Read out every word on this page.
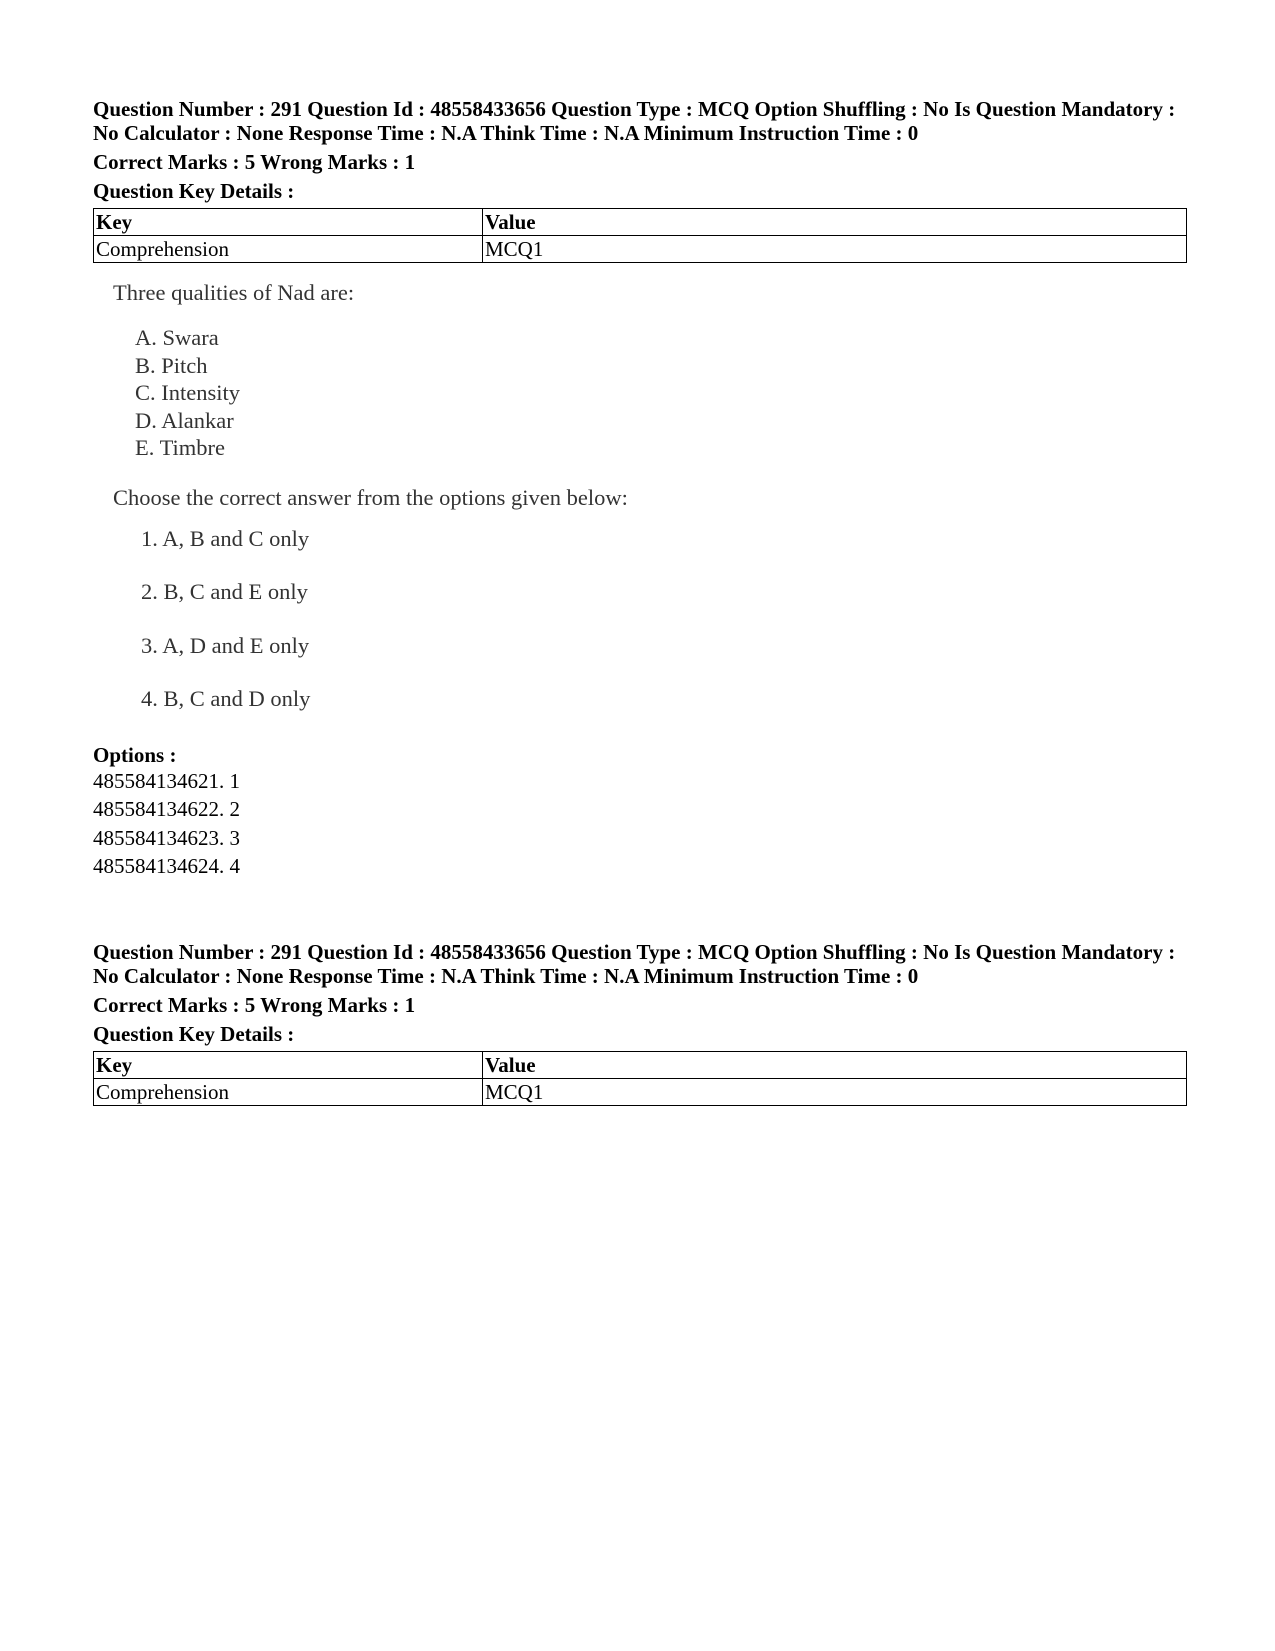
Question Number : 291 Question Id : 48558433656 Question Type : MCQ Option Shuffling : No Is Question Mandatory :
No Calculator : None Response Time : N.A Think Time : N.A Minimum Instruction Time : 0
Correct Marks : 5 Wrong Marks : 1
Question Key Details :
Key	Value
Comprehension	MCQ1
Three qualities of Nad are:
A. Swara
B. Pitch
C. Intensity
D. Alankar
E. Timbre
Choose the correct answer from the options given below:
1. A, B and C only
2. B, C and E only
3. A, D and E only
4. B, C and D only
Options :
485584134621. 1
485584134622. 2
485584134623. 3
485584134624. 4
Question Number : 291 Question Id : 48558433656 Question Type : MCQ Option Shuffling : No Is Question Mandatory :
No Calculator : None Response Time : N.A Think Time : N.A Minimum Instruction Time : 0
Correct Marks : 5 Wrong Marks : 1
Question Key Details :
Key	Value
Comprehension	MCQ1
